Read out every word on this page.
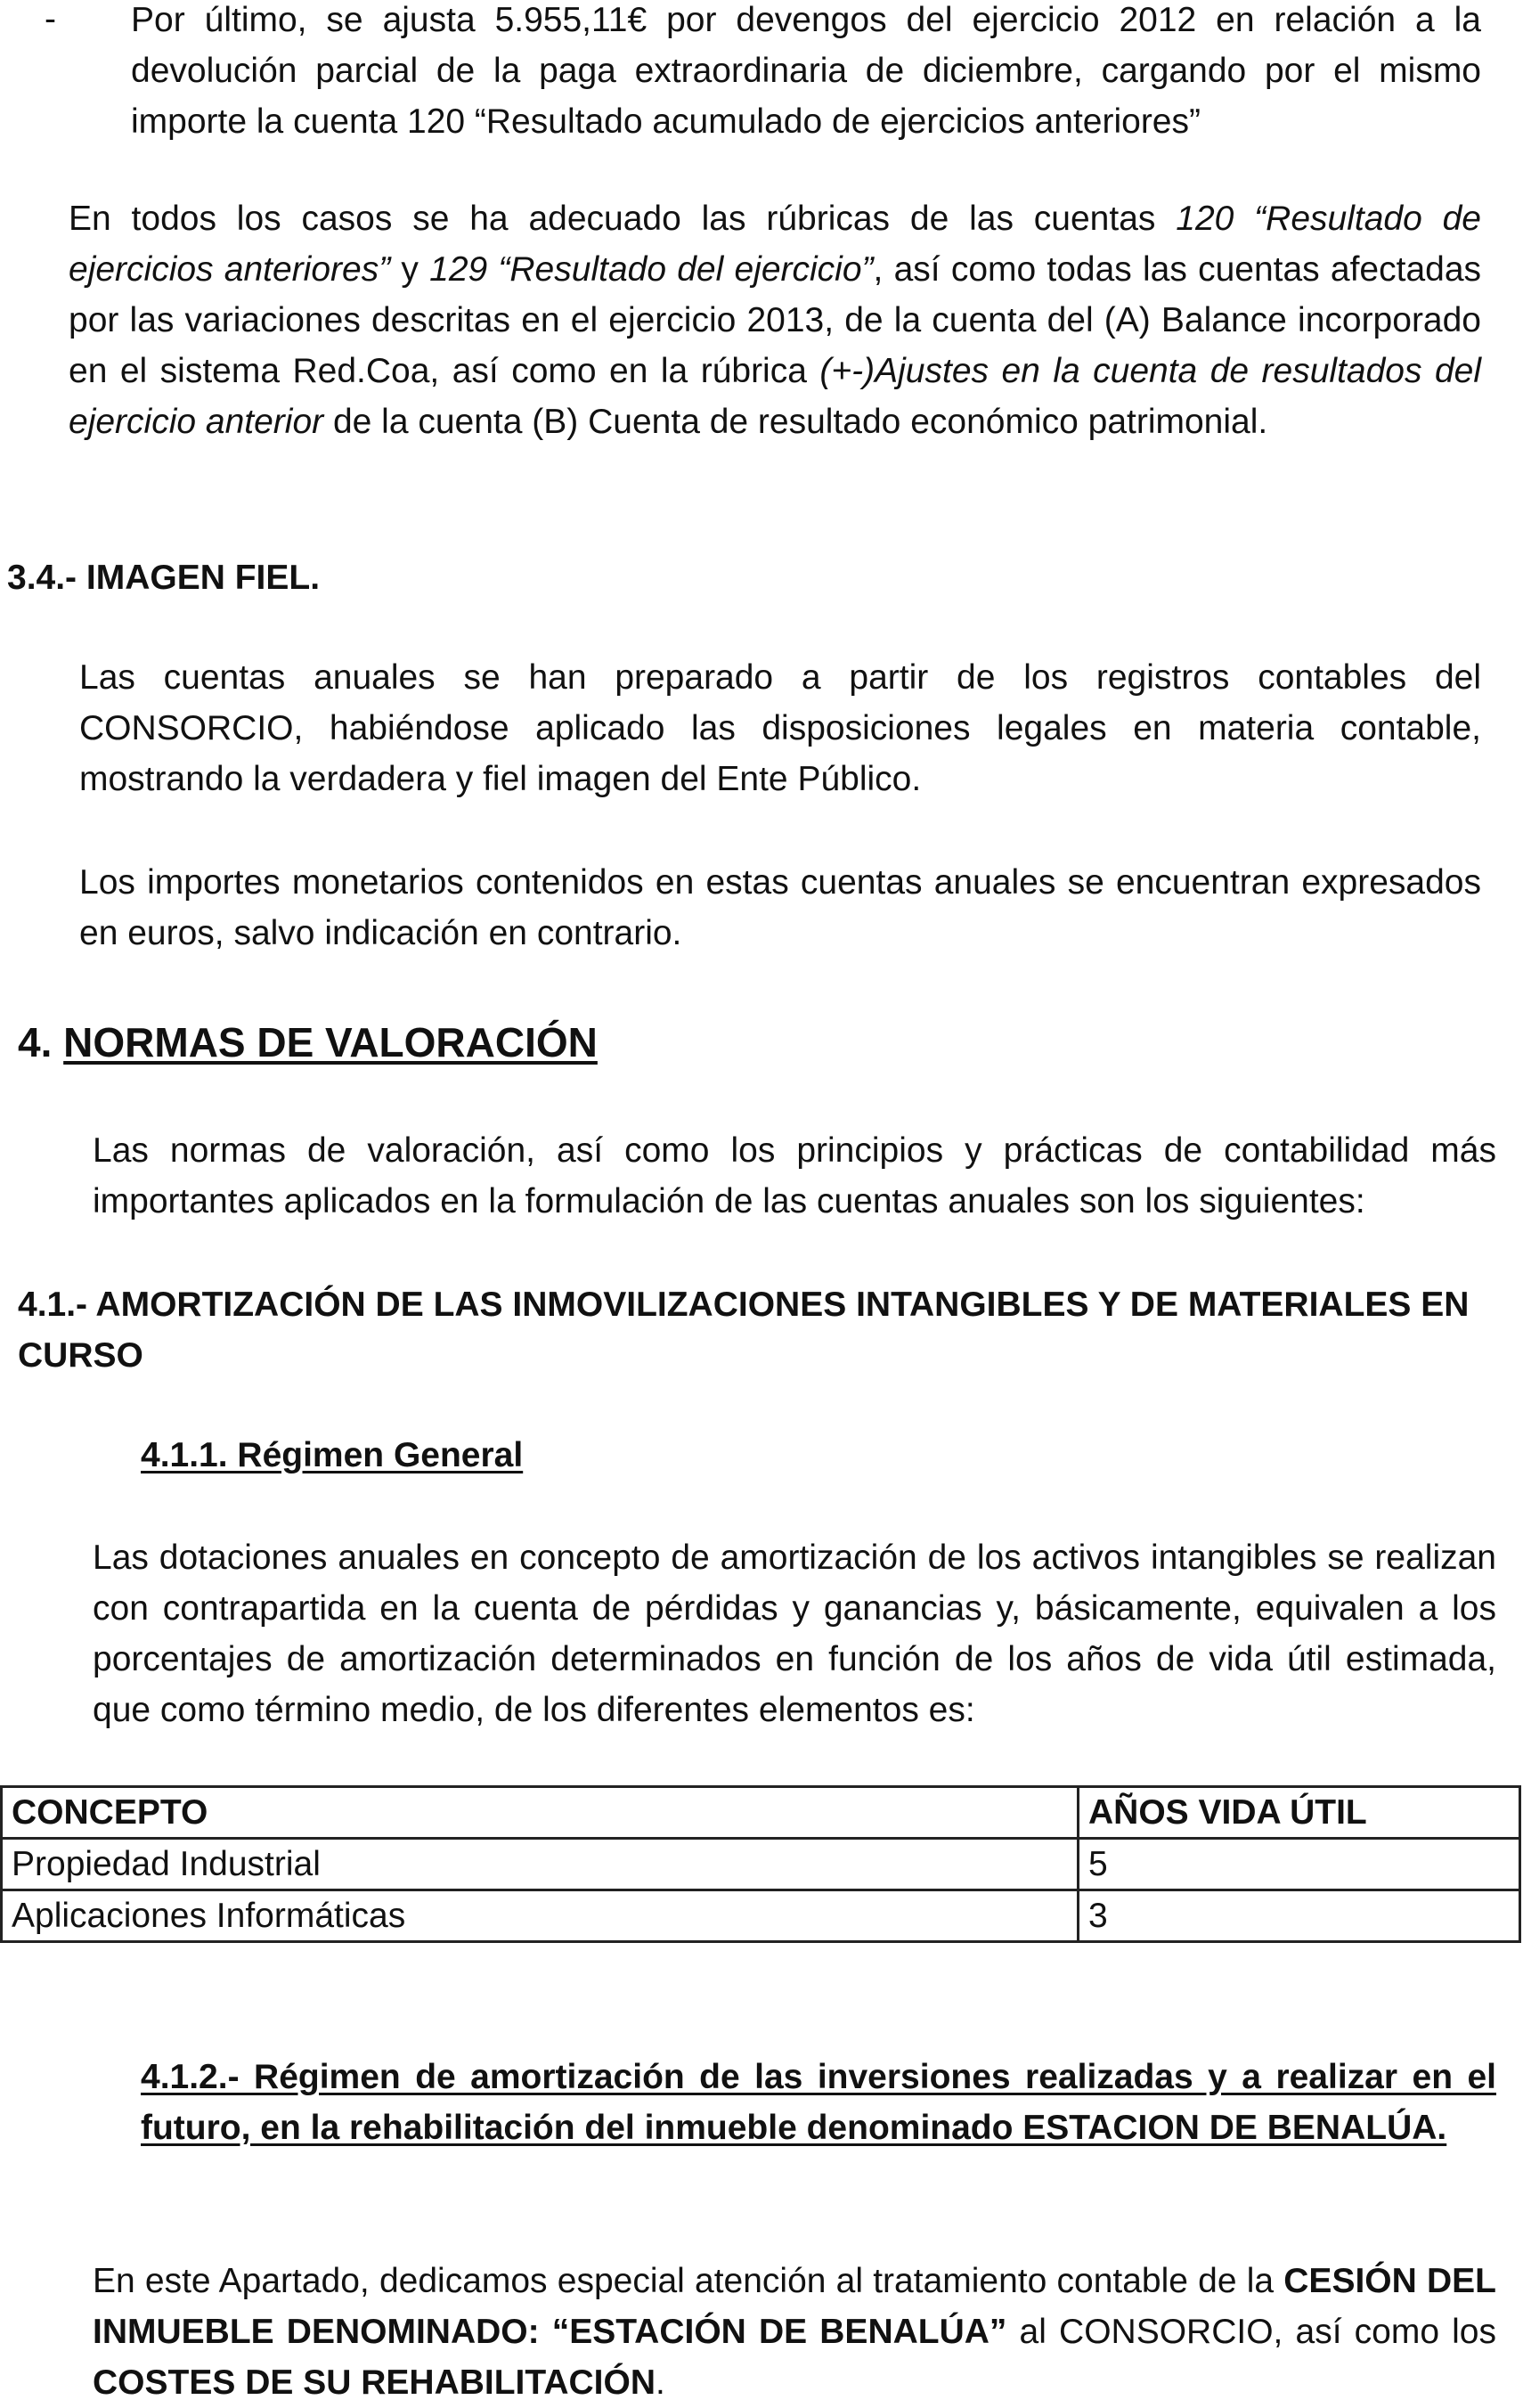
- Por último, se ajusta 5.955,11€ por devengos del ejercicio 2012 en relación a la devolución parcial de la paga extraordinaria de diciembre, cargando por el mismo importe la cuenta 120 “Resultado acumulado de ejercicios anteriores”

En todos los casos se ha adecuado las rúbricas de las cuentas 120 “Resultado de ejercicios anteriores” y 129 “Resultado del ejercicio”, así como todas las cuentas afectadas por las variaciones descritas en el ejercicio 2013, de la cuenta del (A) Balance incorporado en el sistema Red.Coa, así como en la rúbrica (+-)Ajustes en la cuenta de resultados del ejercicio anterior de la cuenta (B) Cuenta de resultado económico patrimonial.

3.4.- IMAGEN FIEL.

Las cuentas anuales se han preparado a partir de los registros contables del CONSORCIO, habiéndose aplicado las disposiciones legales en materia contable, mostrando la verdadera y fiel imagen del Ente Público.

Los importes monetarios contenidos en estas cuentas anuales se encuentran expresados en euros, salvo indicación en contrario.

4. NORMAS DE VALORACIÓN

Las normas de valoración, así como los principios y prácticas de contabilidad más importantes aplicados en la formulación de las cuentas anuales son los siguientes:

4.1.- AMORTIZACIÓN DE LAS INMOVILIZACIONES INTANGIBLES Y DE MATERIALES EN CURSO

4.1.1. Régimen General

Las dotaciones anuales en concepto de amortización de los activos intangibles se realizan con contrapartida en la cuenta de pérdidas y ganancias y, básicamente, equivalen a los porcentajes de amortización determinados en función de los años de vida útil estimada, que como término medio, de los diferentes elementos es:

CONCEPTO	AÑOS VIDA ÚTIL
Propiedad Industrial	5
Aplicaciones Informáticas	3

4.1.2.- Régimen de amortización de las inversiones realizadas y a realizar en el futuro, en la rehabilitación del inmueble denominado ESTACION DE BENALÚA.

En este Apartado, dedicamos especial atención al tratamiento contable de la CESIÓN DEL INMUEBLE DENOMINADO: “ESTACIÓN DE BENALÚA” al CONSORCIO, así como los COSTES DE SU REHABILITACIÓN.
